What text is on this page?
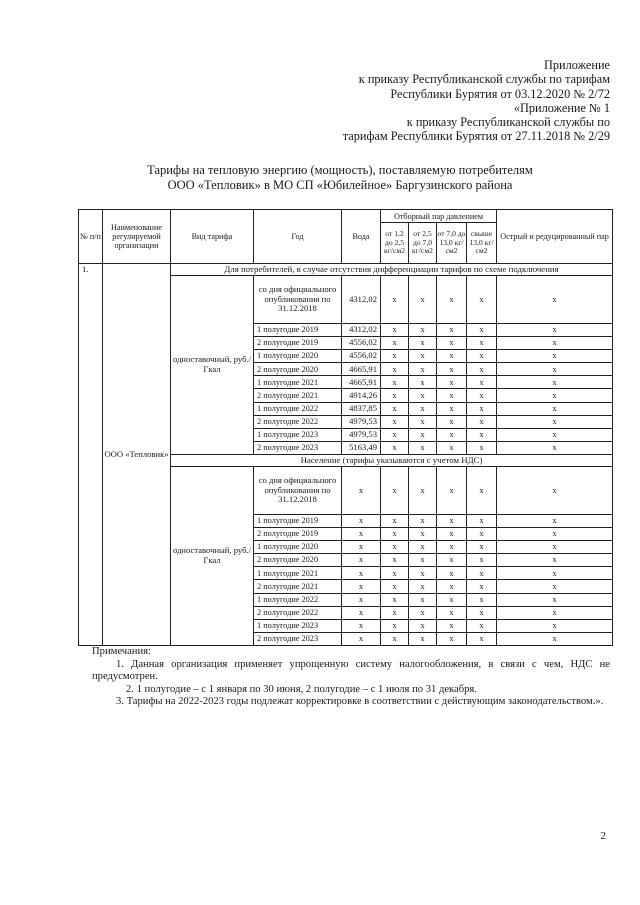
Приложение
к приказу Республиканской службы по тарифам
Республики Бурятия от 03.12.2020 № 2/72
«Приложение № 1
к приказу Республиканской службы по
тарифам Республики Бурятия от 27.11.2018 № 2/29
Тарифы на тепловую энергию (мощность), поставляемую потребителям
ООО «Тепловик» в МО СП «Юбилейное» Баргузинского района
№ п/п	Наименование регулируемой организации	Вид тарифа	Год	Вода	Отборный пар давлением				Острый и редуцированный пар
					от 1,2 до 2,5 кг/см2	от 2,5 до 7,0 кг/см2	от 7,0 до 13,0 кг/см2	свыше 13,0 кг/см2	
1.	ООО «Тепловик»	Для потребителей, в случае отсутствия дифференциации тарифов по схеме подключения							
		одноставочный, руб./Гкал	со дня официального опубликования по 31.12.2018	4312,02	x	x	x	x	x
			1 полугодие 2019	4312,02	x	x	x	x	x
			2 полугодие 2019	4556,02	x	x	x	x	x
			1 полугодие 2020	4556,02	x	x	x	x	x
			2 полугодие 2020	4665,91	x	x	x	x	x
			1 полугодие 2021	4665,91	x	x	x	x	x
			2 полугодие 2021	4914,26	x	x	x	x	x
			1 полугодие 2022	4837,85	x	x	x	x	x
			2 полугодие 2022	4979,53	x	x	x	x	x
			1 полугодие 2023	4979,53	x	x	x	x	x
			2 полугодие 2023	5163,49	x	x	x	x	x
		Население (тарифы указываются с учетом НДС)							
		одноставочный, руб./Гкал	со дня официального опубликования по 31.12.2018	x	x	x	x	x	x
			1 полугодие 2019	x	x	x	x	x	x
			2 полугодие 2019	x	x	x	x	x	x
			1 полугодие 2020	x	x	x	x	x	x
			2 полугодие 2020	x	x	x	x	x	x
			1 полугодие 2021	x	x	x	x	x	x
			2 полугодие 2021	x	x	x	x	x	x
			1 полугодие 2022	x	x	x	x	x	x
			2 полугодие 2022	x	x	x	x	x	x
			1 полугодие 2023	x	x	x	x	x	x
			2 полугодие 2023	x	x	x	x	x	x

Примечания:

1. Данная организация применяет упрощенную систему налогообложения, в связи с чем, НДС не предусмотрен.

2. 1 полугодие – с 1 января по 30 июня, 2 полугодие – с 1 июля по 31 декабря.

3. Тарифы на 2022-2023 годы подлежат корректировке в соответствии с действующим законодательством.».

2
